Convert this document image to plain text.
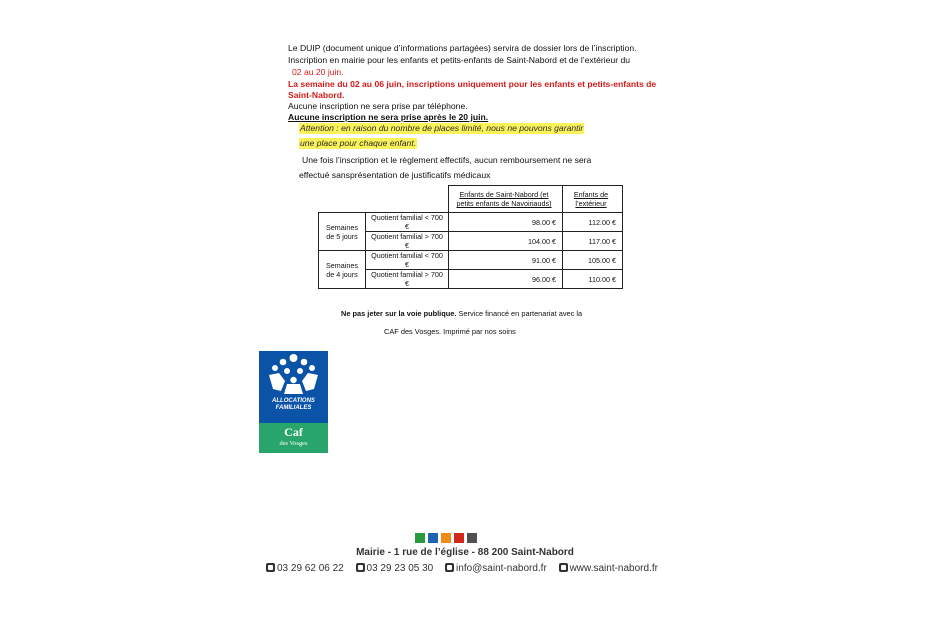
Le DUIP (document unique d’informations partagées) servira de dossier lors de l’inscription.
Inscription en mairie pour les enfants et petits-enfants de Saint-Nabord et de l’extérieur du
02 au 20 juin.
La semaine du 02 au 06 juin, inscriptions uniquement pour les enfants et petits-enfants de
Saint-Nabord.
Aucune inscription ne sera prise par téléphone.
Aucune inscription ne sera prise après le 20 juin.
Attention : en raison du nombre de places limité, nous ne pouvons garantir
une place pour chaque enfant.
Une fois l’inscription et le règlement effectifs, aucun remboursement ne sera
effectué sansprésentation de justificatifs médicaux
		Enfants de Saint-Nabord (et petits enfants de Navoiriauds)	Enfants de l’extérieur
Semaines de 5 jours	Quotient familial < 700 €	98.00 €	112.00 €
	Quotient familial > 700 €	104.00 €	117.00 €
Semaines de 4 jours	Quotient familial < 700 €	91.00 €	105.00 €
	Quotient familial > 700 €	96.00 €	110.00 €
Ne pas jeter sur la voie publique. Service financé en partenariat avec la
CAF des Vosges. Imprimé par nos soins
ALLOCATIONS
FAMILIALES
Caf
des Vosges
Mairie - 1 rue de l’église - 88 200 Saint-Nabord
03 29 62 06 22 03 29 23 05 30 info@saint-nabord.fr www.saint-nabord.fr
